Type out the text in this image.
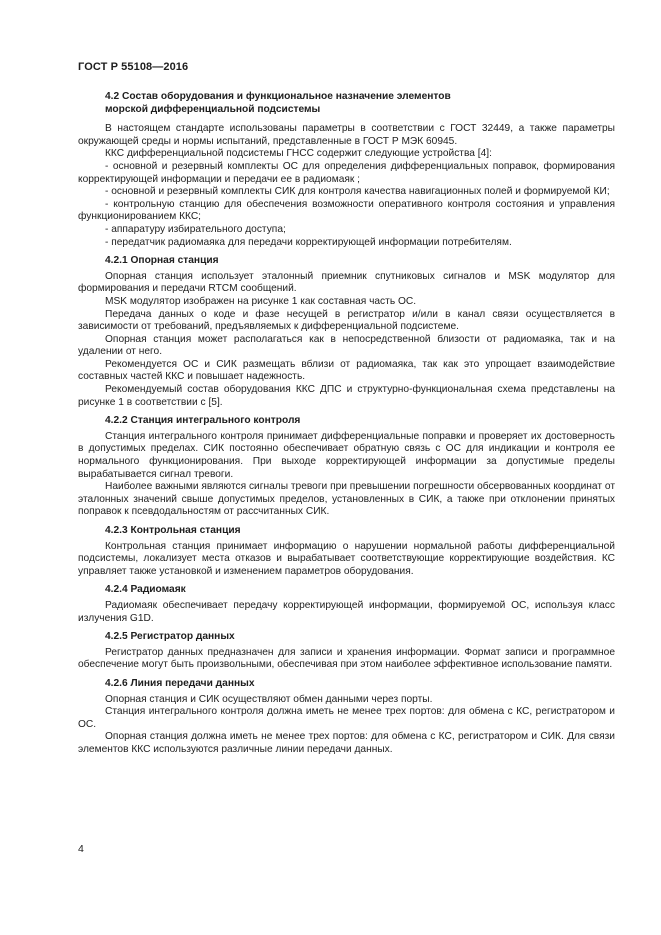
ГОСТ Р 55108—2016
4.2 Состав оборудования и функциональное назначение элементов
морской дифференциальной подсистемы

В настоящем стандарте использованы параметры в соответствии с ГОСТ 32449, а также параметры окружающей среды и нормы испытаний, представленные в ГОСТ Р МЭК 60945.

ККС дифференциальной подсистемы ГНСС содержит следующие устройства [4]:

- основной и резервный комплекты ОС для определения дифференциальных поправок, формирования корректирующей информации и передачи ее в радиомаяк ;

- основной и резервный комплекты СИК для контроля качества навигационных полей и формируемой КИ;

- контрольную станцию для обеспечения возможности оперативного контроля состояния и управления функционированием ККС;

- аппаратуру избирательного доступа;

- передатчик радиомаяка для передачи корректирующей информации потребителям.

4.2.1 Опорная станция

Опорная станция использует эталонный приемник спутниковых сигналов и MSK модулятор для формирования и передачи RTCM сообщений.

MSK модулятор изображен на рисунке 1 как составная часть ОС.

Передача данных о коде и фазе несущей в регистратор и/или в канал связи осуществляется в зависимости от требований, предъявляемых к дифференциальной подсистеме.

Опорная станция может располагаться как в непосредственной близости от радиомаяка, так и на удалении от него.

Рекомендуется ОС и СИК размещать вблизи от радиомаяка, так как это упрощает взаимодействие составных частей ККС и повышает надежность.

Рекомендуемый состав оборудования ККС ДПС и структурно-функциональная схема представлены на рисунке 1 в соответствии с [5].

4.2.2 Станция интегрального контроля

Станция интегрального контроля принимает дифференциальные поправки и проверяет их достоверность в допустимых пределах. СИК постоянно обеспечивает обратную связь с ОС для индикации и контроля ее нормального функционирования. При выходе корректирующей информации за допустимые пределы вырабатывается сигнал тревоги.

Наиболее важными являются сигналы тревоги при превышении погрешности обсервованных координат от эталонных значений свыше допустимых пределов, установленных в СИК, а также при отклонении принятых поправок к псевдодальностям от рассчитанных СИК.

4.2.3 Контрольная станция

Контрольная станция принимает информацию о нарушении нормальной работы дифференциальной подсистемы, локализует места отказов и вырабатывает соответствующие корректирующие воздействия. КС управляет также установкой и изменением параметров оборудования.

4.2.4 Радиомаяк

Радиомаяк обеспечивает передачу корректирующей информации, формируемой ОС, используя класс излучения G1D.

4.2.5 Регистратор данных

Регистратор данных предназначен для записи и хранения информации. Формат записи и программное обеспечение могут быть произвольными, обеспечивая при этом наиболее эффективное использование памяти.

4.2.6 Линия передачи данных

Опорная станция и СИК осуществляют обмен данными через порты.

Станция интегрального контроля должна иметь не менее трех портов: для обмена с КС, регистратором и ОС.

Опорная станция должна иметь не менее трех портов: для обмена с КС, регистратором и СИК. Для связи элементов ККС используются различные линии передачи данных.

4
